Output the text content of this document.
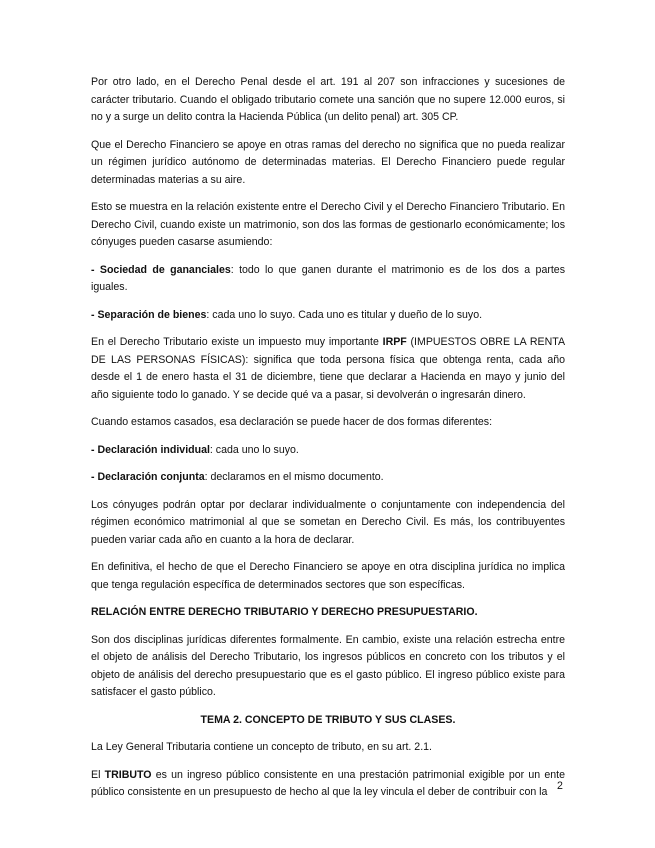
Por otro lado, en el Derecho Penal desde el art. 191 al 207 son infracciones y sucesiones de carácter tributario. Cuando el obligado tributario comete una sanción que no supere 12.000 euros, si no y a surge un delito contra la Hacienda Pública (un delito penal) art. 305 CP.

Que el Derecho Financiero se apoye en otras ramas del derecho no significa que no pueda realizar un régimen jurídico autónomo de determinadas materias. El Derecho Financiero puede regular determinadas materias a su aire.

Esto se muestra en la relación existente entre el Derecho Civil y el Derecho Financiero Tributario. En Derecho Civil, cuando existe un matrimonio, son dos las formas de gestionarlo económicamente; los cónyuges pueden casarse asumiendo:

- Sociedad de gananciales: todo lo que ganen durante el matrimonio es de los dos a partes iguales.

- Separación de bienes: cada uno lo suyo. Cada uno es titular y dueño de lo suyo.

En el Derecho Tributario existe un impuesto muy importante IRPF (IMPUESTOS OBRE LA RENTA DE LAS PERSONAS FÍSICAS): significa que toda persona física que obtenga renta, cada año desde el 1 de enero hasta el 31 de diciembre, tiene que declarar a Hacienda en mayo y junio del año siguiente todo lo ganado. Y se decide qué va a pasar, si devolverán o ingresarán dinero.

Cuando estamos casados, esa declaración se puede hacer de dos formas diferentes:

- Declaración individual: cada uno lo suyo.

- Declaración conjunta: declaramos en el mismo documento.

Los cónyuges podrán optar por declarar individualmente o conjuntamente con independencia del régimen económico matrimonial al que se sometan en Derecho Civil. Es más, los contribuyentes pueden variar cada año en cuanto a la hora de declarar.

En definitiva, el hecho de que el Derecho Financiero se apoye en otra disciplina jurídica no implica que tenga regulación específica de determinados sectores que son específicas.

RELACIÓN ENTRE DERECHO TRIBUTARIO Y DERECHO PRESUPUESTARIO.

Son dos disciplinas jurídicas diferentes formalmente. En cambio, existe una relación estrecha entre el objeto de análisis del Derecho Tributario, los ingresos públicos en concreto con los tributos y el objeto de análisis del derecho presupuestario que es el gasto público. El ingreso público existe para satisfacer el gasto público.

TEMA 2. CONCEPTO DE TRIBUTO Y SUS CLASES.

La Ley General Tributaria contiene un concepto de tributo, en su art. 2.1.

El TRIBUTO es un ingreso público consistente en una prestación patrimonial exigible por un ente público consistente en un presupuesto de hecho al que la ley vincula el deber de contribuir con la 2
